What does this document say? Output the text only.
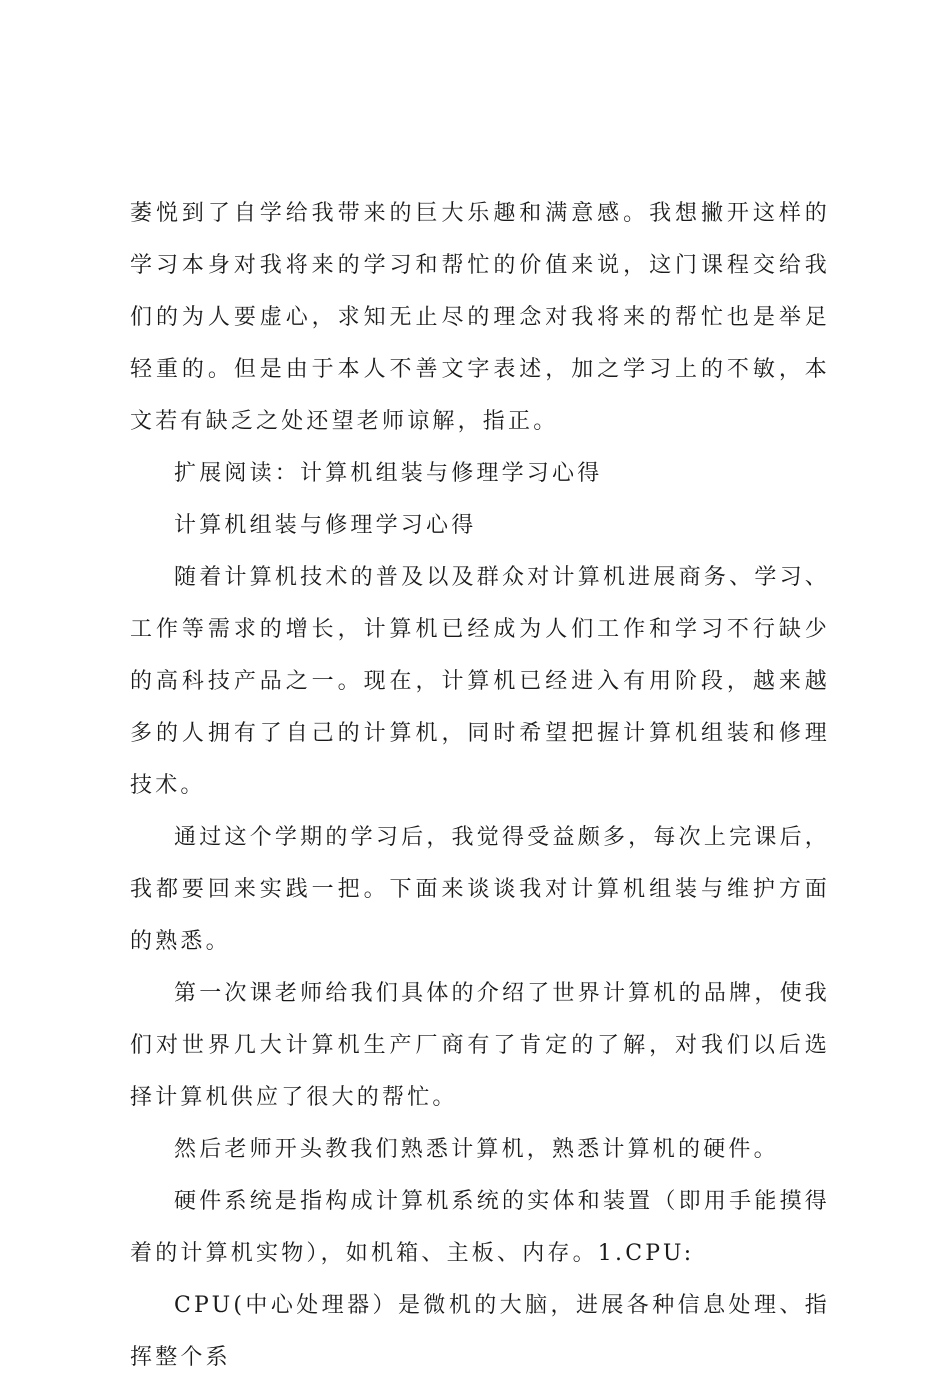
萎悦到了自学给我带来的巨大乐趣和满意感。我想撇开这样的学习本身对我将来的学习和帮忙的价值来说，这门课程交给我们的为人要虚心，求知无止尽的理念对我将来的帮忙也是举足轻重的。但是由于本人不善文字表述，加之学习上的不敏，本文若有缺乏之处还望老师谅解，指正。

扩展阅读：计算机组装与修理学习心得

计算机组装与修理学习心得

随着计算机技术的普及以及群众对计算机进展商务、学习、工作等需求的增长，计算机已经成为人们工作和学习不行缺少的高科技产品之一。现在，计算机已经进入有用阶段，越来越多的人拥有了自己的计算机，同时希望把握计算机组装和修理技术。

通过这个学期的学习后，我觉得受益颇多，每次上完课后，我都要回来实践一把。下面来谈谈我对计算机组装与维护方面的熟悉。

第一次课老师给我们具体的介绍了世界计算机的品牌，使我们对世界几大计算机生产厂商有了肯定的了解，对我们以后选择计算机供应了很大的帮忙。

然后老师开头教我们熟悉计算机，熟悉计算机的硬件。

硬件系统是指构成计算机系统的实体和装置（即用手能摸得着的计算机实物），如机箱、主板、内存。1.CPU:

CPU(中心处理器）是微机的大脑，进展各种信息处理、指挥整个系
